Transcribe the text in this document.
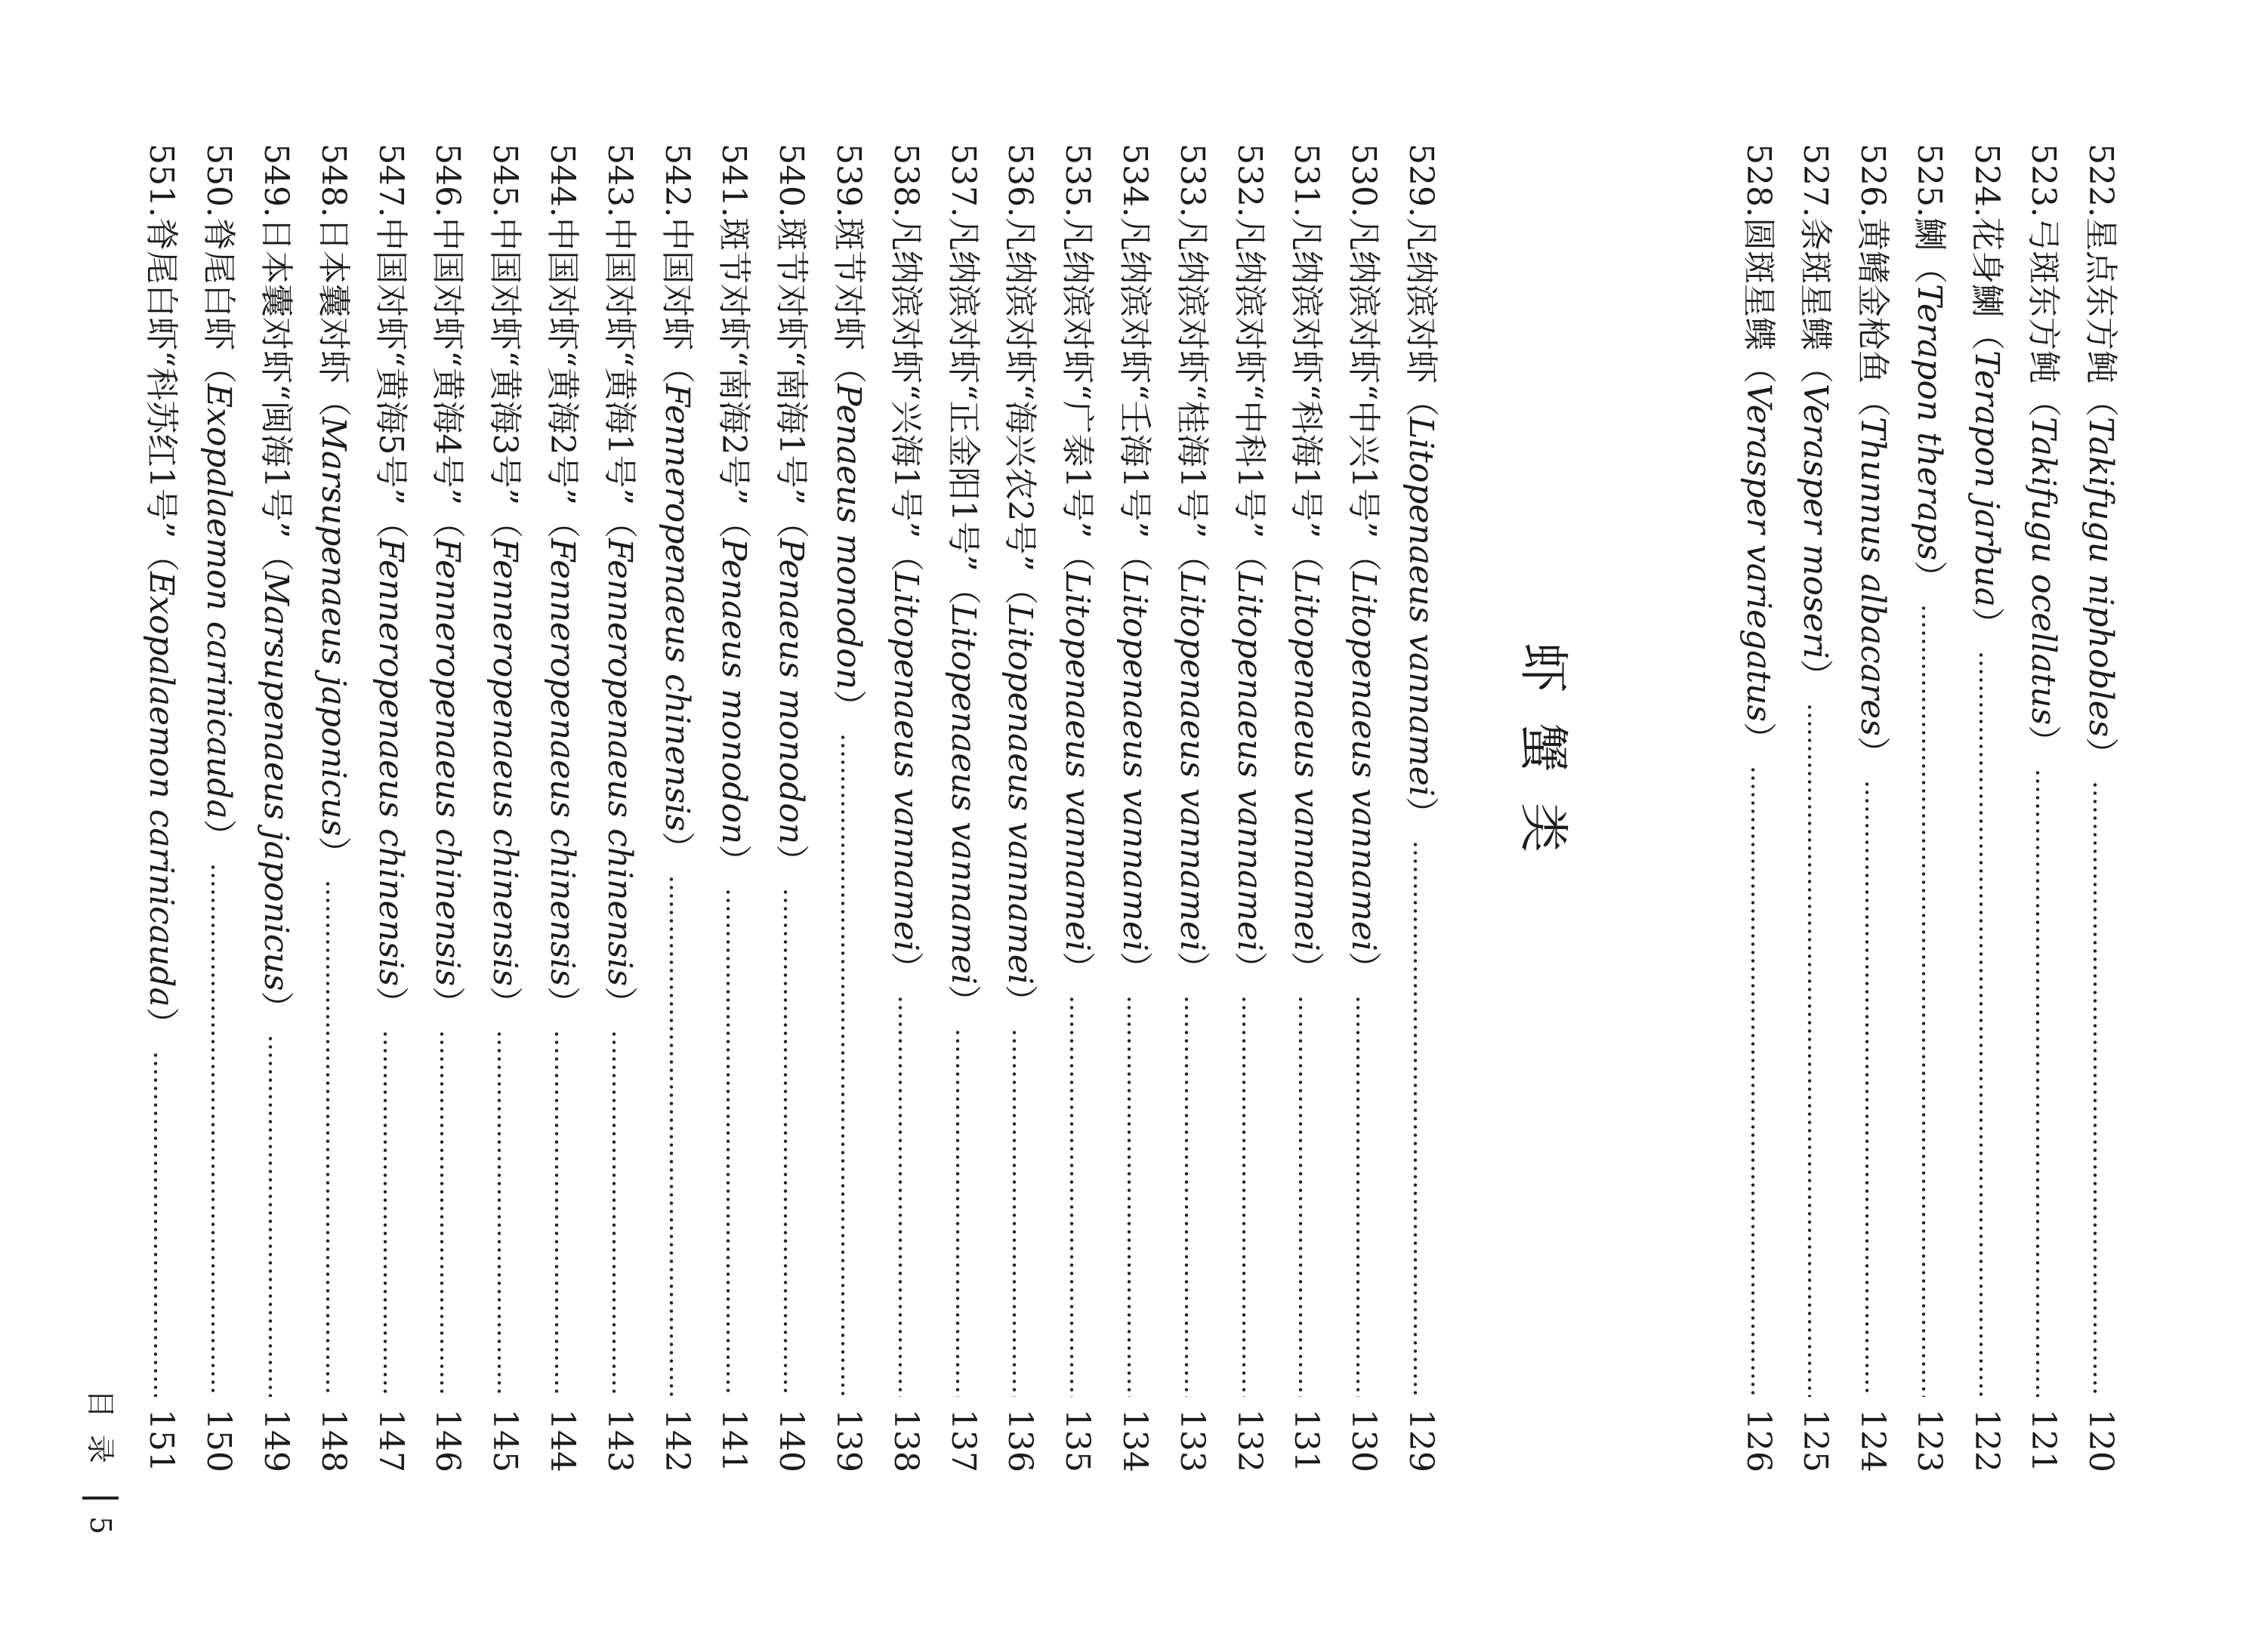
522
.
星点东方鲀
（
Takifugu niphobles
）
120
523
.
弓斑东方鲀
（
Takifugu ocellatus
）
121
524
.
花身鯻
（
Terapon jarbua
）
122
525
.
鯻
（
Terapon theraps
）
123
526
.
黄鳍金枪鱼
（
Thunnus albacares
）
124
527
.
条斑星鲽
（
Verasper moseri
）
125
528
.
圆斑星鲽
（
Verasper variegatus
）
126
虾蟹类
529
.
凡纳滨对虾
（
Litopenaeus vannamei
）
129
530
.
凡纳滨对虾“中兴1号”
（
Litopenaeus vannamei
）
130
531
.
凡纳滨对虾“科海1号”
（
Litopenaeus vannamei
）
131
532
.
凡纳滨对虾“中科1号”
（
Litopenaeus vannamei
）
132
533
.
凡纳滨对虾“桂海1号”
（
Litopenaeus vannamei
）
133
534
.
凡纳滨对虾“壬海1号”
（
Litopenaeus vannamei
）
134
535
.
凡纳滨对虾“广泰1号”
（
Litopenaeus vannamei
）
135
536
.
凡纳滨对虾“海兴农2号”
（
Litopenaeus vannamei
）
136
537
.
凡纳滨对虾“正金阳1号”
（
Litopenaeus vannamei
）
137
538
.
凡纳滨对虾“兴海1号”
（
Litopenaeus vannamei
）
138
539
.
斑节对虾
（
Penaeus monodon
）
139
540
.
斑节对虾“南海1号”
（
Penaeus monodon
）
140
541
.
斑节对虾“南海2号”
（
Penaeus monodon
）
141
542
.
中国对虾
（
Fenneropenaeus chinensis
）
142
543
.
中国对虾“黄海1号”
（
Fenneropenaeus chinensis
）
143
544
.
中国对虾“黄海2号”
（
Fenneropenaeus chinensis
）
144
545
.
中国对虾“黄海3号”
（
Fenneropenaeus chinensis
）
145
546
.
中国对虾“黄海4号”
（
Fenneropenaeus chinensis
）
146
547
.
中国对虾“黄海5号”
（
Fenneropenaeus chinensis
）
147
548
.
日本囊对虾
（
Marsupenaeus japonicus
）
148
549
.
日本囊对虾“闽海1号”
（
Marsupenaeus japonicus
）
149
550
.
脊尾白虾
（
Exopalaemon carinicauda
）
150
551
.
脊尾白虾“科苏红1号”
（
Exopalaemon carinicauda
）
151
目录
5
